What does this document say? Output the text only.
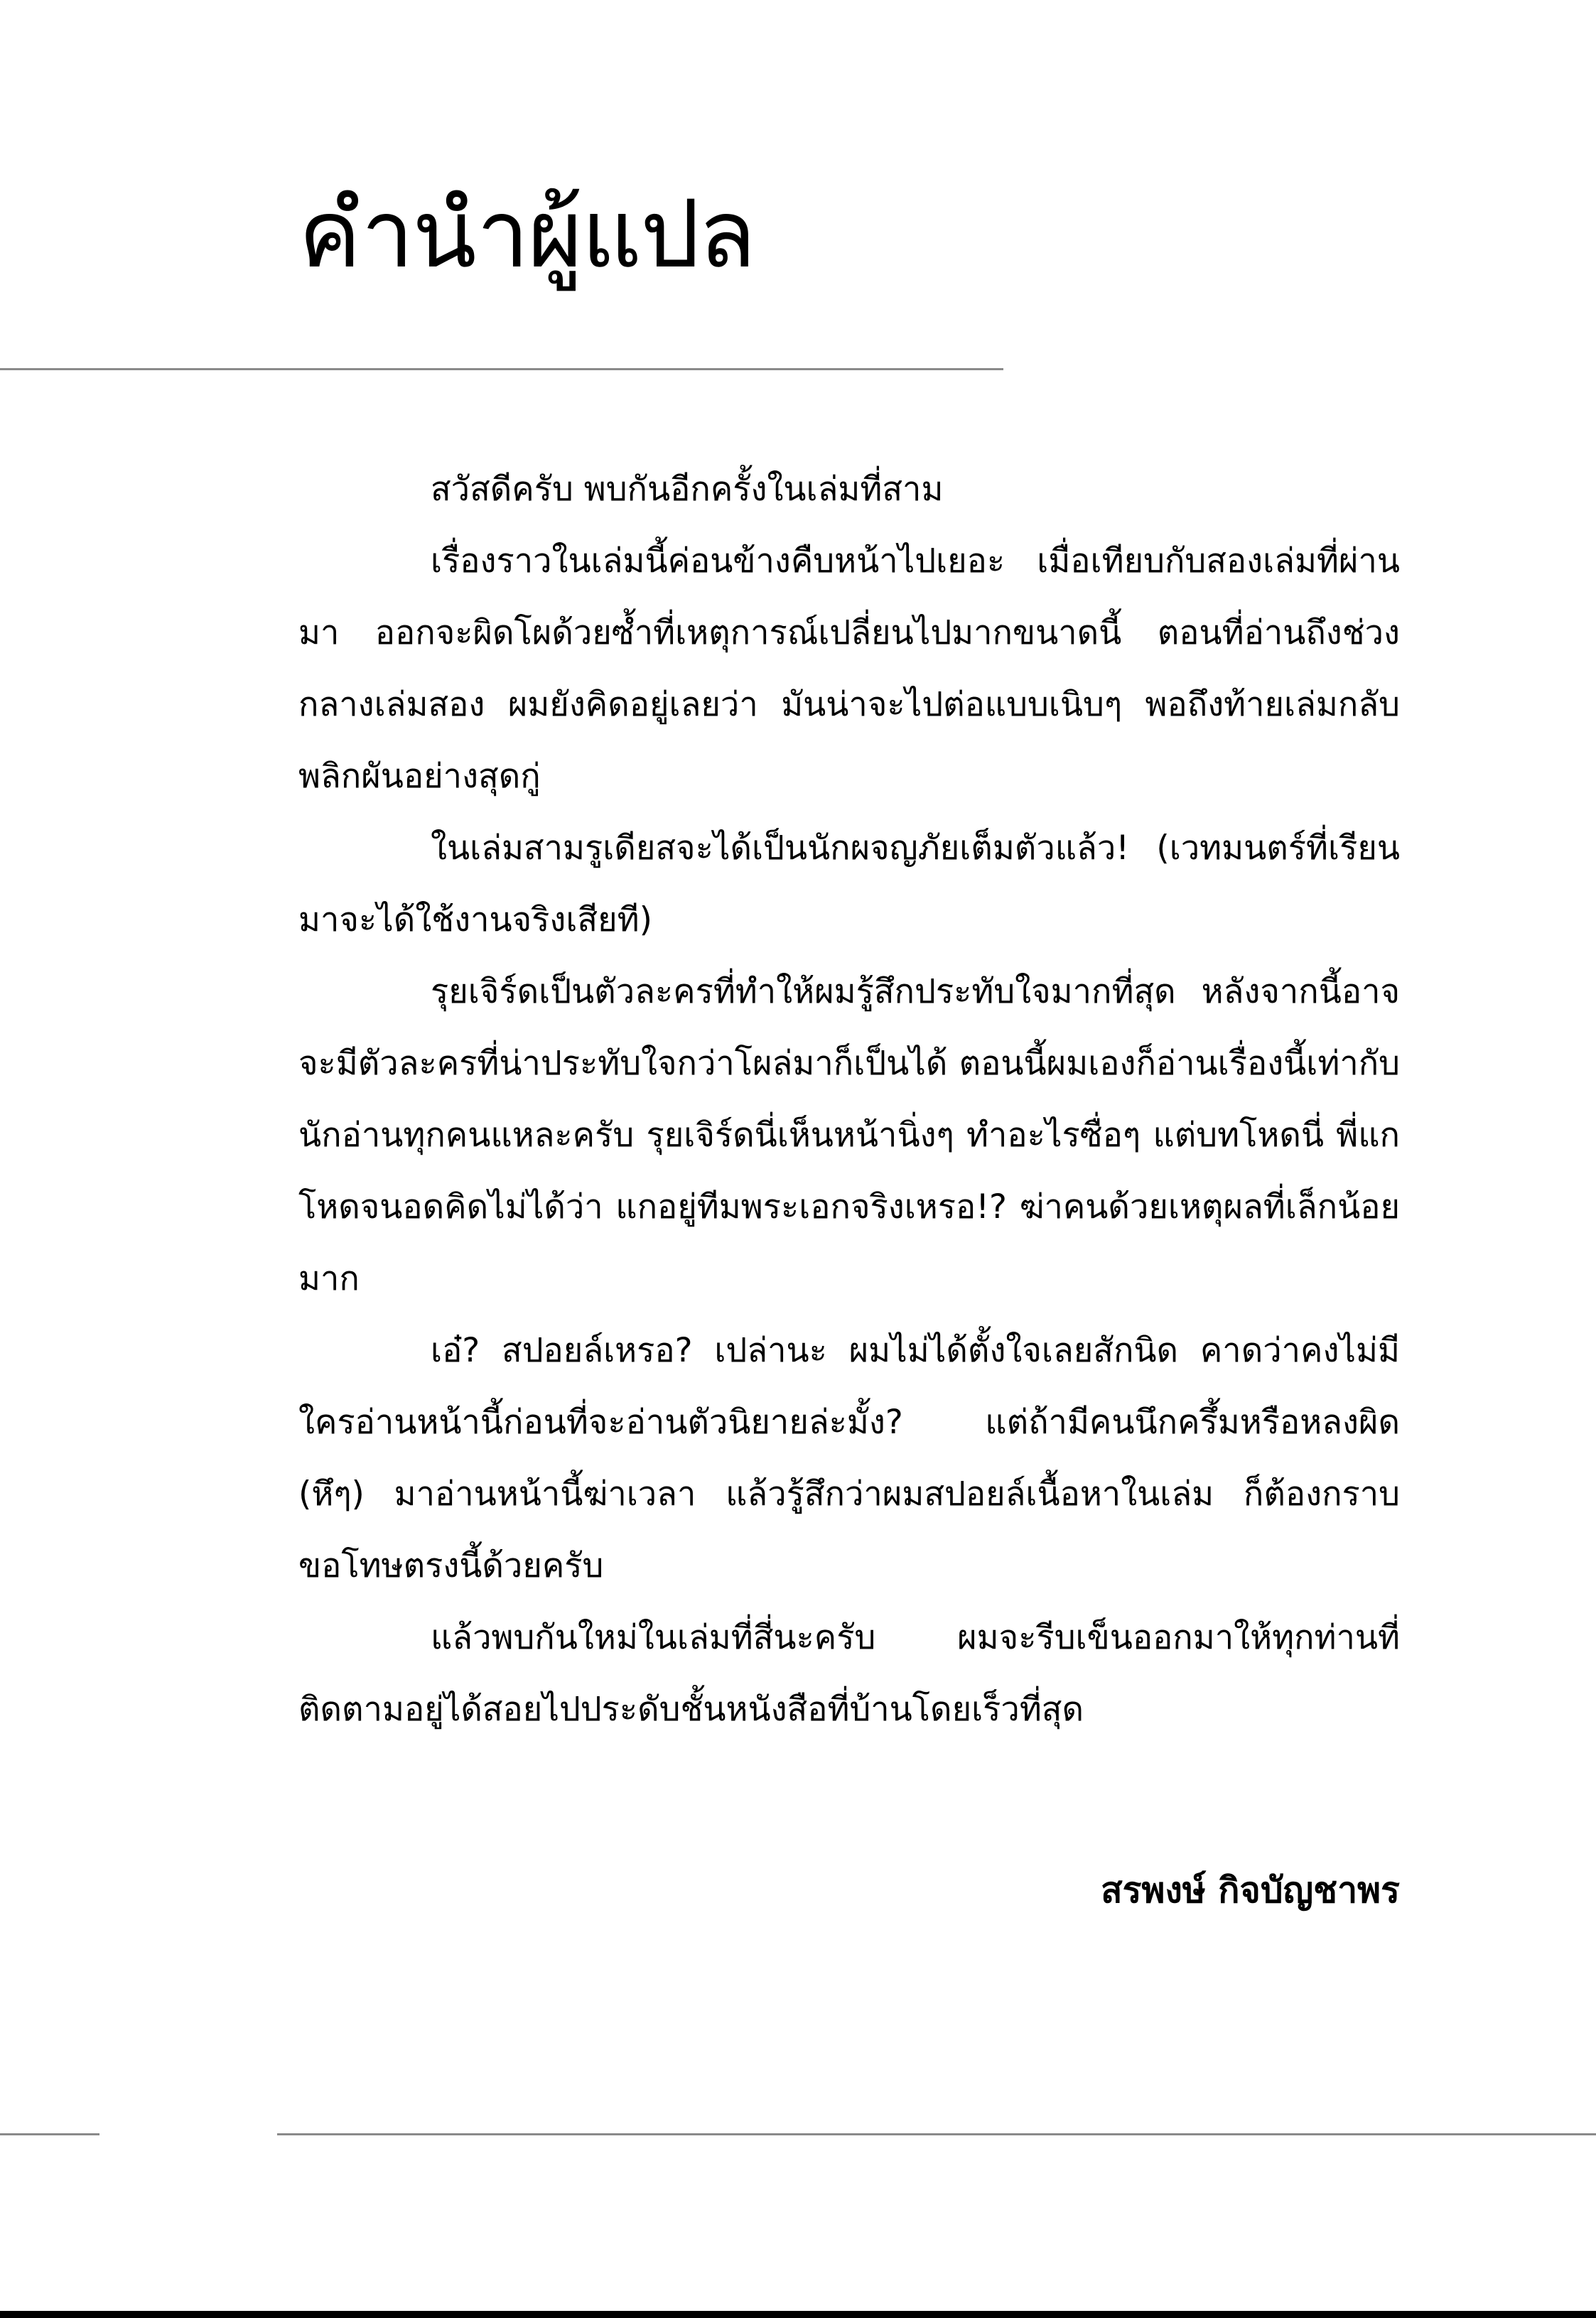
คำนำผู้แปล

สวัสดีครับ พบกันอีกครั้งในเล่มที่สาม

เรื่องราวในเล่มนี้ค่อนข้างคืบหน้าไปเยอะ เมื่อเทียบกับสองเล่มที่ผ่านมา ออกจะผิดโผด้วยซ้ำที่เหตุการณ์เปลี่ยนไปมากขนาดนี้ ตอนที่อ่านถึงช่วงกลางเล่มสอง ผมยังคิดอยู่เลยว่า มันน่าจะไปต่อแบบเนิบๆ พอถึงท้ายเล่มกลับพลิกผันอย่างสุดกู่

ในเล่มสามรูเดียสจะได้เป็นนักผจญภัยเต็มตัวแล้ว! (เวทมนตร์ที่เรียนมาจะได้ใช้งานจริงเสียที)

รุยเจิร์ดเป็นตัวละครที่ทำให้ผมรู้สึกประทับใจมากที่สุด หลังจากนี้อาจจะมีตัวละครที่น่าประทับใจกว่าโผล่มาก็เป็นได้ ตอนนี้ผมเองก็อ่านเรื่องนี้เท่ากับนักอ่านทุกคนแหละครับ รุยเจิร์ดนี่เห็นหน้านิ่งๆ ทำอะไรซื่อๆ แต่บทโหดนี่ พี่แกโหดจนอดคิดไม่ได้ว่า แกอยู่ทีมพระเอกจริงเหรอ!? ฆ่าคนด้วยเหตุผลที่เล็กน้อยมาก

เอ๋? สปอยล์เหรอ? เปล่านะ ผมไม่ได้ตั้งใจเลยสักนิด คาดว่าคงไม่มีใครอ่านหน้านี้ก่อนที่จะอ่านตัวนิยายล่ะมั้ง? แต่ถ้ามีคนนึกครึ้มหรือหลงผิด (หึๆ) มาอ่านหน้านี้ฆ่าเวลา แล้วรู้สึกว่าผมสปอยล์เนื้อหาในเล่ม ก็ต้องกราบขอโทษตรงนี้ด้วยครับ

แล้วพบกันใหม่ในเล่มที่สี่นะครับ ผมจะรีบเข็นออกมาให้ทุกท่านที่ติดตามอยู่ได้สอยไปประดับชั้นหนังสือที่บ้านโดยเร็วที่สุด

สรพงษ์ กิจบัญชาพร
